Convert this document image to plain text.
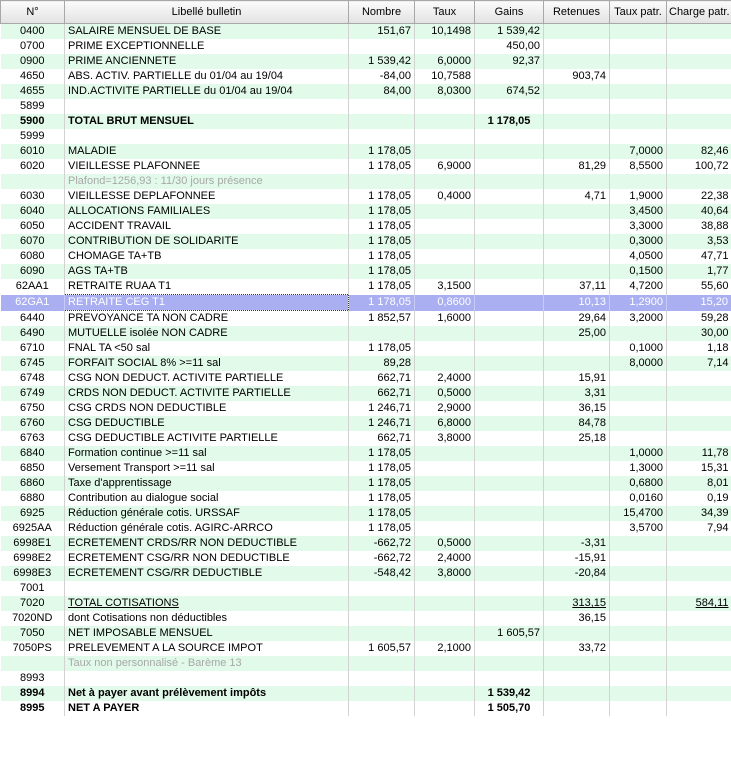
N°	Libellé bulletin	Nombre	Taux	Gains	Retenues	Taux patr.	Charge patr.
0400	SALAIRE MENSUEL DE BASE	151,67	10,1498	1 539,42			
0700	PRIME EXCEPTIONNELLE			450,00			
0900	PRIME ANCIENNETE	1 539,42	6,0000	92,37			
4650	ABS. ACTIV. PARTIELLE du 01/04 au 19/04	-84,00	10,7588		903,74		
4655	IND.ACTIVITE PARTIELLE du 01/04 au 19/04	84,00	8,0300	674,52			
5899							
5900	TOTAL BRUT MENSUEL			1 178,05			
5999							
6010	MALADIE	1 178,05				7,0000	82,46
6020	VIEILLESSE PLAFONNEE	1 178,05	6,9000		81,29	8,5500	100,72
	Plafond=1256,93 : 11/30 jours présence						
6030	VIEILLESSE DEPLAFONNEE	1 178,05	0,4000		4,71	1,9000	22,38
6040	ALLOCATIONS FAMILIALES	1 178,05				3,4500	40,64
6050	ACCIDENT TRAVAIL	1 178,05				3,3000	38,88
6070	CONTRIBUTION DE SOLIDARITE	1 178,05				0,3000	3,53
6080	CHOMAGE TA+TB	1 178,05				4,0500	47,71
6090	AGS TA+TB	1 178,05				0,1500	1,77
62AA1	RETRAITE RUAA T1	1 178,05	3,1500		37,11	4,7200	55,60
62GA1	RETRAITE CEG T1	1 178,05	0,8600		10,13	1,2900	15,20
6440	PREVOYANCE TA NON CADRE	1 852,57	1,6000		29,64	3,2000	59,28
6490	MUTUELLE isolée NON CADRE				25,00		30,00
6710	FNAL TA <50 sal	1 178,05				0,1000	1,18
6745	FORFAIT SOCIAL 8% >=11 sal	89,28				8,0000	7,14
6748	CSG NON DEDUCT. ACTIVITE PARTIELLE	662,71	2,4000		15,91		
6749	CRDS NON DEDUCT. ACTIVITE PARTIELLE	662,71	0,5000		3,31		
6750	CSG CRDS NON DEDUCTIBLE	1 246,71	2,9000		36,15		
6760	CSG DEDUCTIBLE	1 246,71	6,8000		84,78		
6763	CSG DEDUCTIBLE ACTIVITE PARTIELLE	662,71	3,8000		25,18		
6840	Formation continue >=11 sal	1 178,05				1,0000	11,78
6850	Versement Transport >=11 sal	1 178,05				1,3000	15,31
6860	Taxe d'apprentissage	1 178,05				0,6800	8,01
6880	Contribution au dialogue social	1 178,05				0,0160	0,19
6925	Réduction générale cotis. URSSAF	1 178,05				15,4700	34,39
6925AA	Réduction générale cotis. AGIRC-ARRCO	1 178,05				3,5700	7,94
6998E1	ECRETEMENT CRDS/RR NON DEDUCTIBLE	-662,72	0,5000		-3,31		
6998E2	ECRETEMENT CSG/RR NON DEDUCTIBLE	-662,72	2,4000		-15,91		
6998E3	ECRETEMENT CSG/RR DEDUCTIBLE	-548,42	3,8000		-20,84		
7001							
7020	TOTAL COTISATIONS				313,15		584,11
7020ND	dont Cotisations non déductibles				36,15		
7050	NET IMPOSABLE MENSUEL			1 605,57			
7050PS	PRELEVEMENT A LA SOURCE IMPOT	1 605,57	2,1000		33,72		
	Taux non personnalisé - Barème 13						
8993							
8994	Net à payer avant prélèvement impôts			1 539,42			
8995	NET A PAYER			1 505,70			
